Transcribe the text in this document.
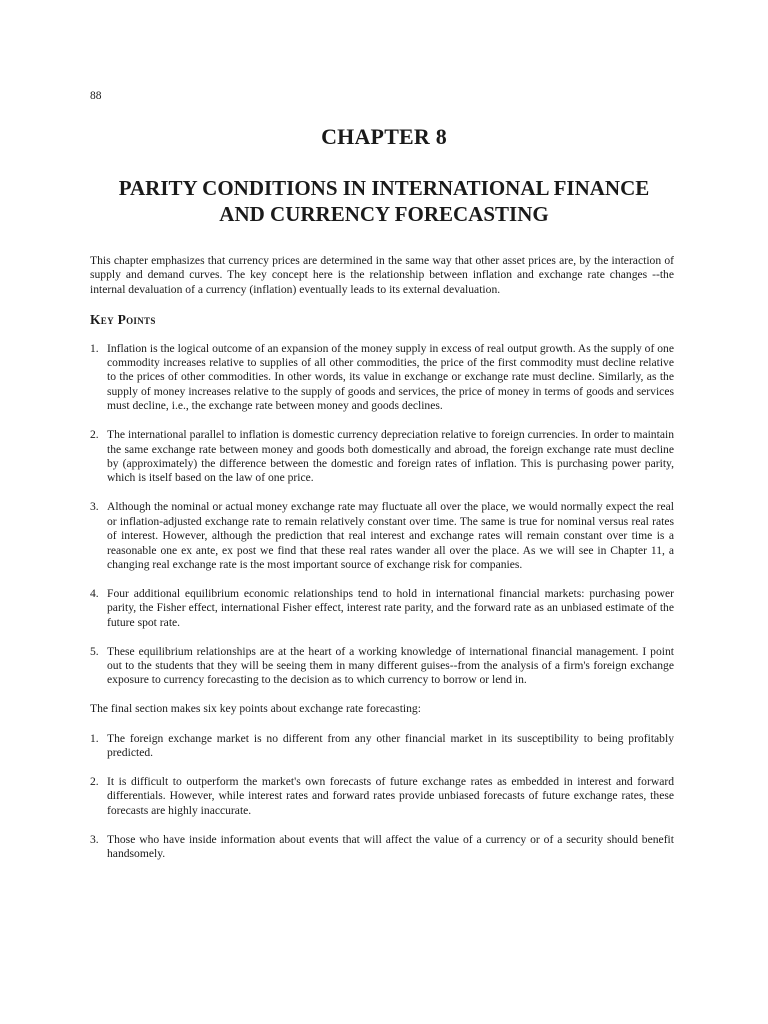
88
CHAPTER 8
PARITY CONDITIONS IN INTERNATIONAL FINANCE
AND CURRENCY FORECASTING

This chapter emphasizes that currency prices are determined in the same way that other asset prices are, by the interaction of supply and demand curves. The key concept here is the relationship between inflation and exchange rate changes --the internal devaluation of a currency (inflation) eventually leads to its external devaluation.

Key Points
1. Inflation is the logical outcome of an expansion of the money supply in excess of real output growth. As the supply of one commodity increases relative to supplies of all other commodities, the price of the first commodity must decline relative to the prices of other commodities. In other words, its value in exchange or exchange rate must decline. Similarly, as the supply of money increases relative to the supply of goods and services, the price of money in terms of goods and services must decline, i.e., the exchange rate between money and goods declines.
2. The international parallel to inflation is domestic currency depreciation relative to foreign currencies. In order to maintain the same exchange rate between money and goods both domestically and abroad, the foreign exchange rate must decline by (approximately) the difference between the domestic and foreign rates of inflation. This is purchasing power parity, which is itself based on the law of one price.
3. Although the nominal or actual money exchange rate may fluctuate all over the place, we would normally expect the real or inflation-adjusted exchange rate to remain relatively constant over time. The same is true for nominal versus real rates of interest. However, although the prediction that real interest and exchange rates will remain constant over time is a reasonable one ex ante, ex post we find that these real rates wander all over the place. As we will see in Chapter 11, a changing real exchange rate is the most important source of exchange risk for companies.
4. Four additional equilibrium economic relationships tend to hold in international financial markets: purchasing power parity, the Fisher effect, international Fisher effect, interest rate parity, and the forward rate as an unbiased estimate of the future spot rate.
5. These equilibrium relationships are at the heart of a working knowledge of international financial management. I point out to the students that they will be seeing them in many different guises--from the analysis of a firm's foreign exchange exposure to currency forecasting to the decision as to which currency to borrow or lend in.

The final section makes six key points about exchange rate forecasting:

1. The foreign exchange market is no different from any other financial market in its susceptibility to being profitably predicted.
2. It is difficult to outperform the market's own forecasts of future exchange rates as embedded in interest and forward differentials. However, while interest rates and forward rates provide unbiased forecasts of future exchange rates, these forecasts are highly inaccurate.
3. Those who have inside information about events that will affect the value of a currency or of a security should benefit handsomely.
